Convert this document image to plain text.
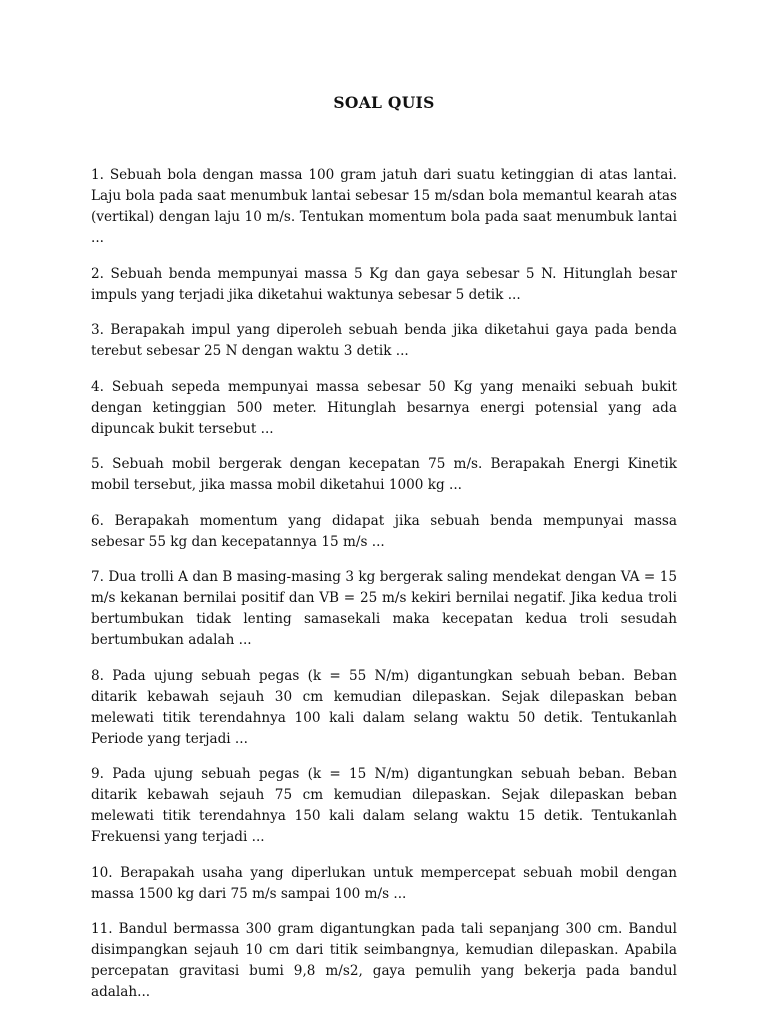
SOAL QUIS

1. Sebuah bola dengan massa 100 gram jatuh dari suatu ketinggian di atas lantai. Laju bola pada saat menumbuk lantai sebesar 15 m/sdan bola memantul kearah atas (vertikal) dengan laju 10 m/s. Tentukan momentum bola pada saat menumbuk lantai ...

2. Sebuah benda mempunyai massa 5 Kg dan gaya sebesar 5 N. Hitunglah besar impuls yang terjadi jika diketahui waktunya sebesar 5 detik ...

3. Berapakah impul yang diperoleh sebuah benda jika diketahui gaya pada benda terebut sebesar 25 N dengan waktu 3 detik ...

4. Sebuah sepeda mempunyai massa sebesar 50 Kg yang menaiki sebuah bukit dengan ketinggian 500 meter. Hitunglah besarnya energi potensial yang ada dipuncak bukit tersebut ...

5. Sebuah mobil bergerak dengan kecepatan 75 m/s. Berapakah Energi Kinetik mobil tersebut, jika massa mobil diketahui 1000 kg ...

6. Berapakah momentum yang didapat jika sebuah benda mempunyai massa sebesar 55 kg dan kecepatannya 15 m/s ...

7. Dua trolli A dan B masing-masing 3 kg bergerak saling mendekat dengan VA = 15 m/s kekanan bernilai positif dan VB = 25 m/s kekiri bernilai negatif. Jika kedua troli bertumbukan tidak lenting samasekali maka kecepatan kedua troli sesudah bertumbukan adalah ...

8. Pada ujung sebuah pegas (k = 55 N/m) digantungkan sebuah beban. Beban ditarik kebawah sejauh 30 cm kemudian dilepaskan. Sejak dilepaskan beban melewati titik terendahnya 100 kali dalam selang waktu 50 detik. Tentukanlah Periode yang terjadi ...

9. Pada ujung sebuah pegas (k = 15 N/m) digantungkan sebuah beban. Beban ditarik kebawah sejauh 75 cm kemudian dilepaskan. Sejak dilepaskan beban melewati titik terendahnya 150 kali dalam selang waktu 15 detik. Tentukanlah Frekuensi yang terjadi ...

10. Berapakah usaha yang diperlukan untuk mempercepat sebuah mobil dengan massa 1500 kg dari 75 m/s sampai 100 m/s ...

11. Bandul bermassa 300 gram digantungkan pada tali sepanjang 300 cm. Bandul disimpangkan sejauh 10 cm dari titik seimbangnya, kemudian dilepaskan. Apabila percepatan gravitasi bumi 9,8 m/s2, gaya pemulih yang bekerja pada bandul adalah...
